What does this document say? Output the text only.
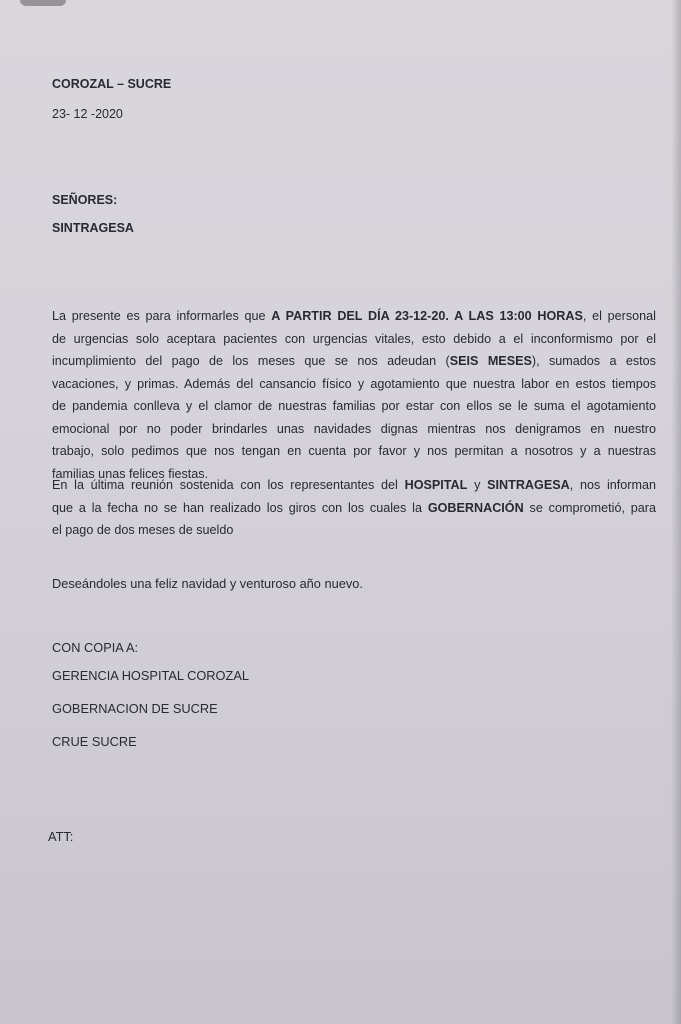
COROZAL – SUCRE
23- 12 -2020
SEÑORES:
SINTRAGESA
La presente es para informarles que A PARTIR DEL DÍA 23-12-20. A LAS 13:00 HORAS, el personal
de urgencias solo aceptara pacientes con urgencias vitales, esto debido a el inconformismo por el
incumplimiento del pago de los meses que se nos adeudan (SEIS MESES), sumados a estos
vacaciones, y primas. Además del cansancio físico y agotamiento que nuestra labor en estos tiempos
de pandemia conlleva y el clamor de nuestras familias por estar con ellos se le suma el agotamiento
emocional por no poder brindarles unas navidades dignas mientras nos denigramos en nuestro
trabajo, solo pedimos que nos tengan en cuenta por favor y nos permitan a nosotros y a nuestras
familias unas felices fiestas.
En la última reunión sostenida con los representantes del HOSPITAL y SINTRAGESA, nos informan
que a la fecha no se han realizado los giros con los cuales la GOBERNACIÓN se comprometió, para
el pago de dos meses de sueldo
Deseándoles una feliz navidad y venturoso año nuevo.
CON COPIA A:
GERENCIA HOSPITAL COROZAL
GOBERNACION DE SUCRE
CRUE SUCRE
ATT:
